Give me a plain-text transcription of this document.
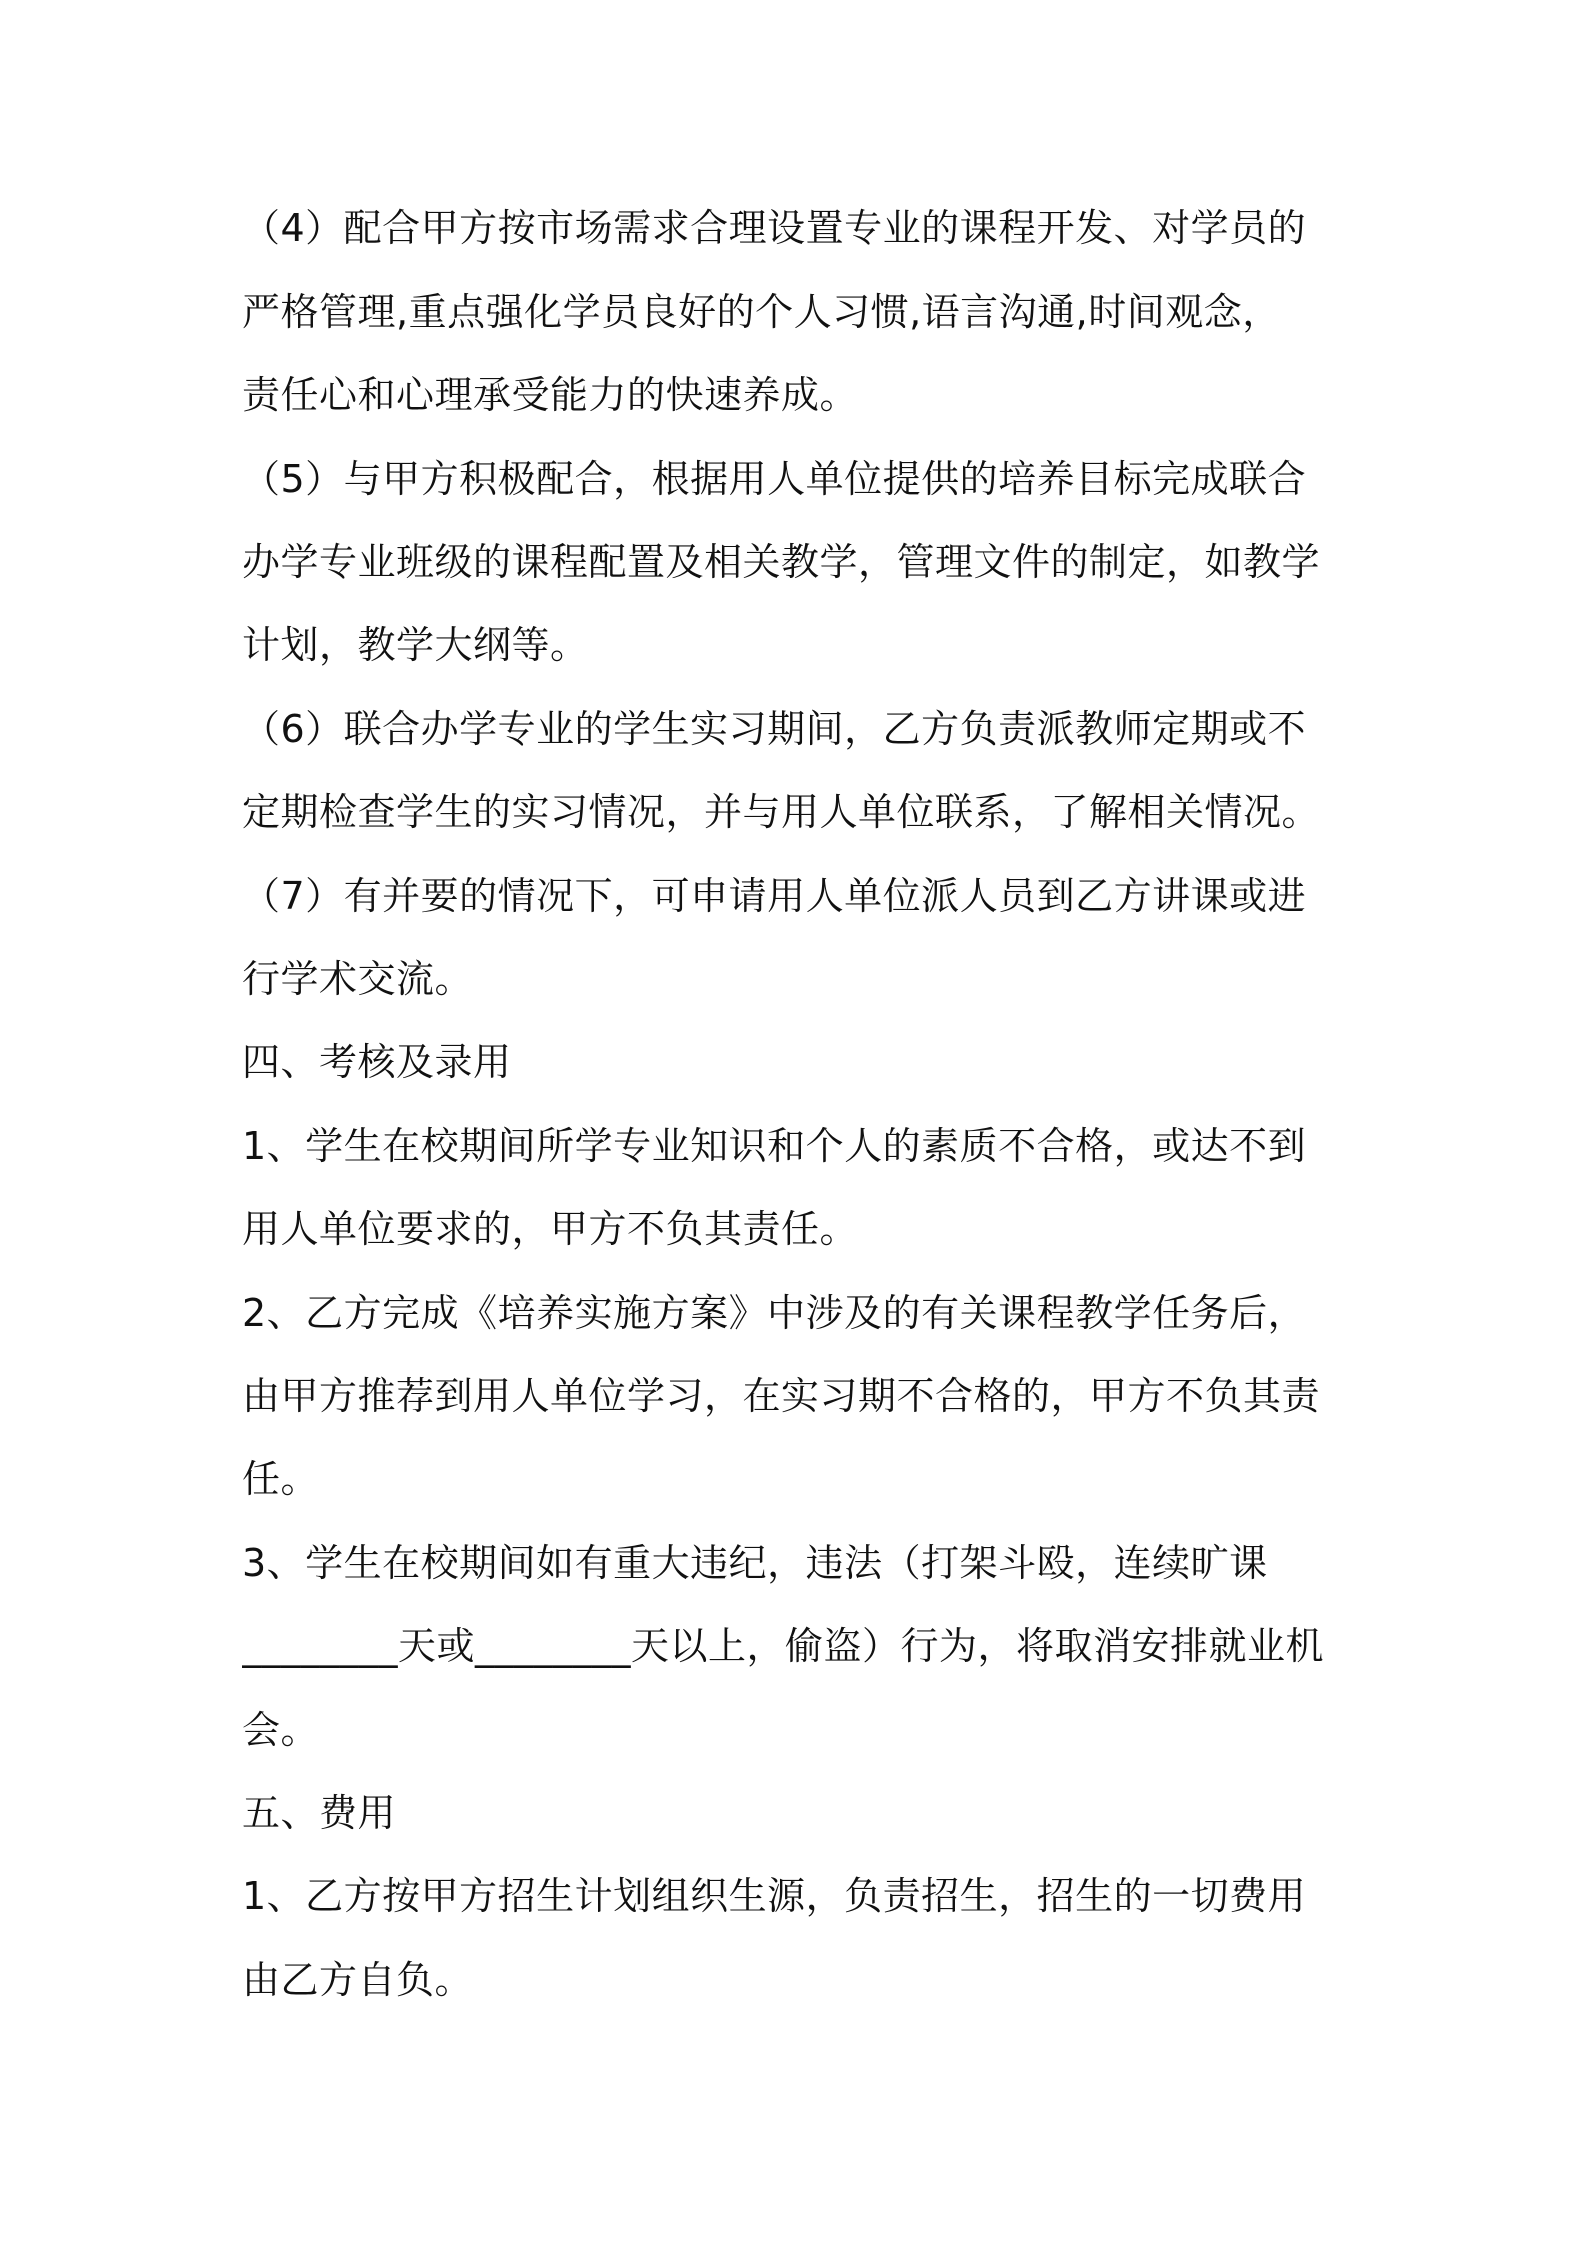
（4）配合甲方按市场需求合理设置专业的课程开发、对学员的
严格管理,重点强化学员良好的个人习惯,语言沟通,时间观念，
责任心和心理承受能力的快速养成。
（5）与甲方积极配合，根据用人单位提供的培养目标完成联合
办学专业班级的课程配置及相关教学，管理文件的制定，如教学
计划，教学大纲等。
（6）联合办学专业的学生实习期间，乙方负责派教师定期或不
定期检查学生的实习情况，并与用人单位联系，了解相关情况。
（7）有并要的情况下，可申请用人单位派人员到乙方讲课或进
行学术交流。
四、考核及录用
1、学生在校期间所学专业知识和个人的素质不合格，或达不到
用人单位要求的，甲方不负其责任。
2、乙方完成《培养实施方案》中涉及的有关课程教学任务后，
由甲方推荐到用人单位学习，在实习期不合格的，甲方不负其责
任。
3、学生在校期间如有重大违纪，违法（打架斗殴，连续旷课
________天或________天以上，偷盗）行为，将取消安排就业机
会。
五、费用
1、乙方按甲方招生计划组织生源，负责招生，招生的一切费用
由乙方自负。
